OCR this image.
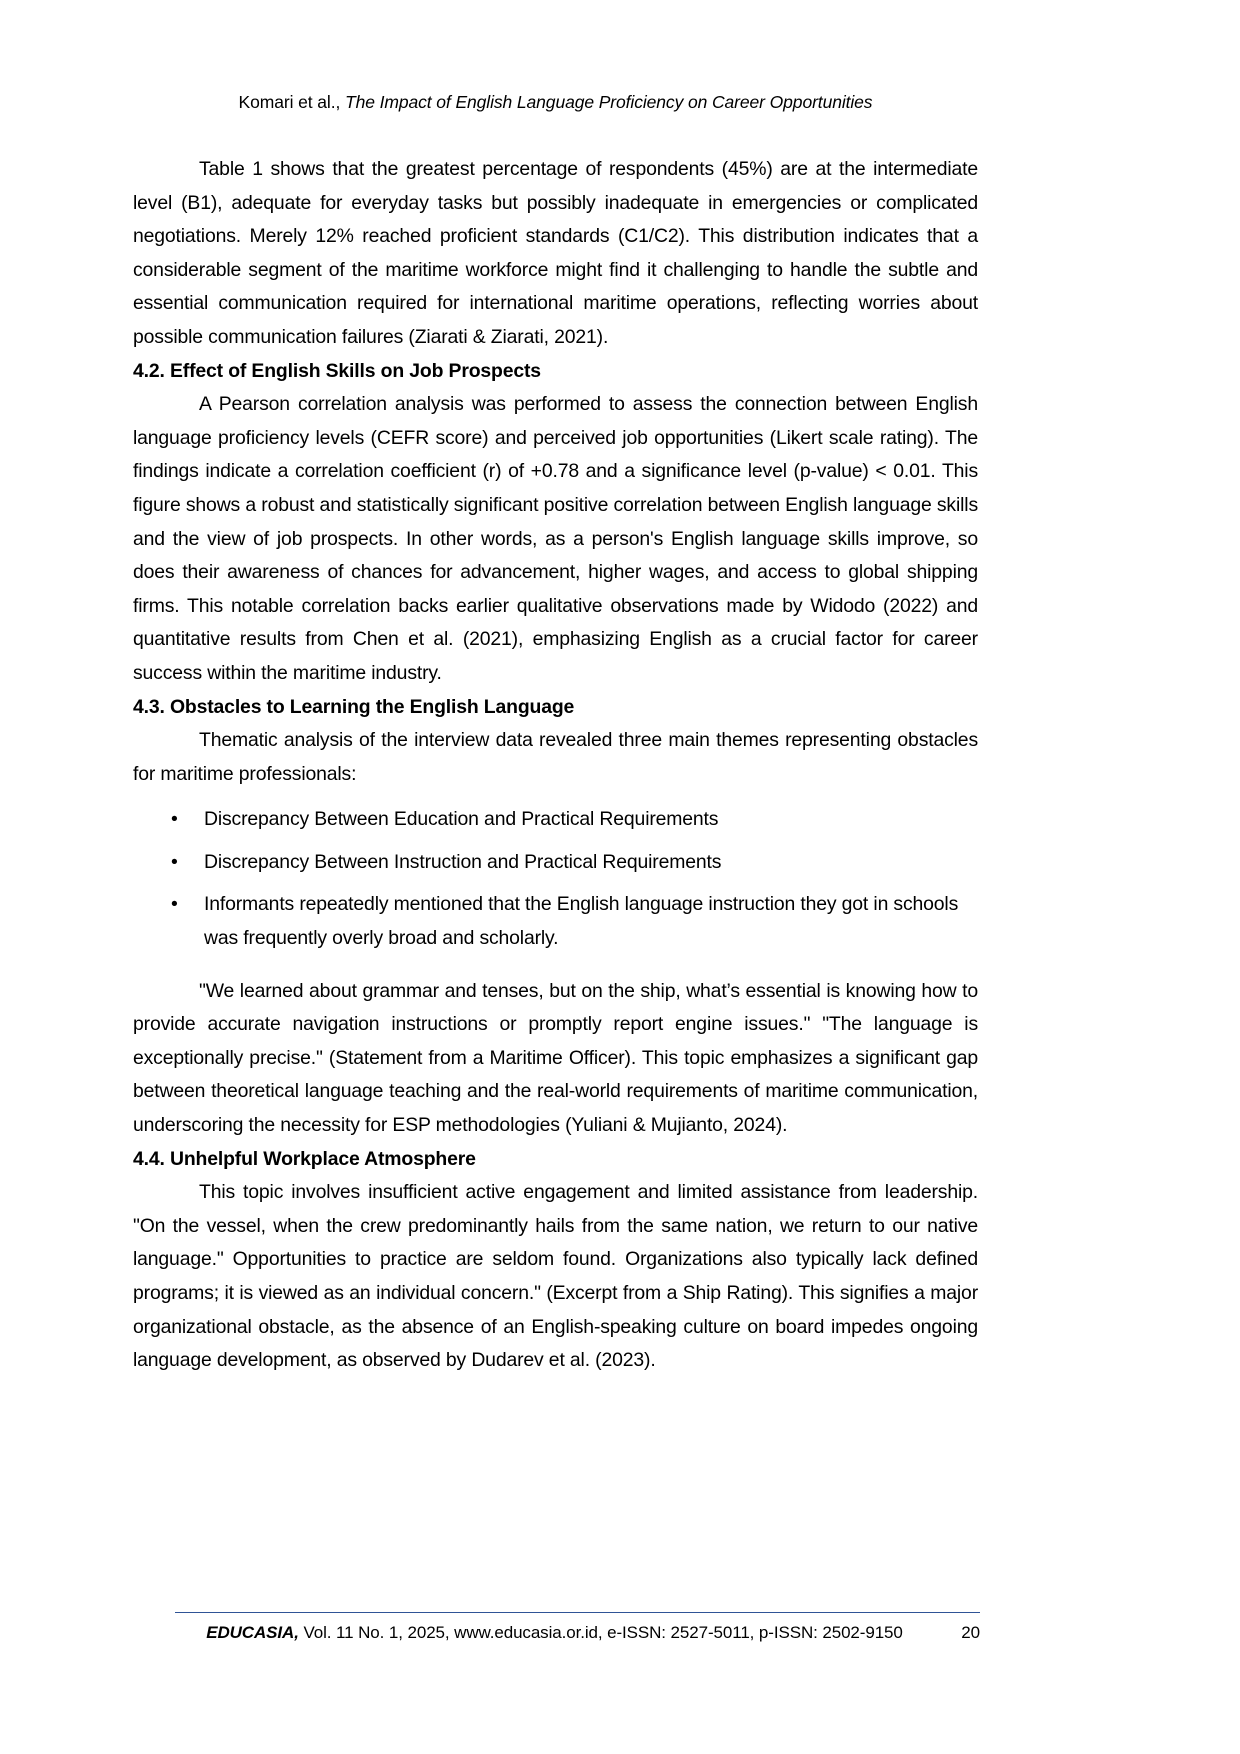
Komari et al., The Impact of English Language Proficiency on Career Opportunities

Table 1 shows that the greatest percentage of respondents (45%) are at the intermediate level (B1), adequate for everyday tasks but possibly inadequate in emergencies or complicated negotiations. Merely 12% reached proficient standards (C1/C2). This distribution indicates that a considerable segment of the maritime workforce might find it challenging to handle the subtle and essential communication required for international maritime operations, reflecting worries about possible communication failures (Ziarati & Ziarati, 2021).

4.2. Effect of English Skills on Job Prospects

A Pearson correlation analysis was performed to assess the connection between English language proficiency levels (CEFR score) and perceived job opportunities (Likert scale rating). The findings indicate a correlation coefficient (r) of +0.78 and a significance level (p-value) < 0.01. This figure shows a robust and statistically significant positive correlation between English language skills and the view of job prospects. In other words, as a person's English language skills improve, so does their awareness of chances for advancement, higher wages, and access to global shipping firms. This notable correlation backs earlier qualitative observations made by Widodo (2022) and quantitative results from Chen et al. (2021), emphasizing English as a crucial factor for career success within the maritime industry.

4.3. Obstacles to Learning the English Language

Thematic analysis of the interview data revealed three main themes representing obstacles for maritime professionals:

• Discrepancy Between Education and Practical Requirements
• Discrepancy Between Instruction and Practical Requirements
• Informants repeatedly mentioned that the English language instruction they got in schools was frequently overly broad and scholarly.

"We learned about grammar and tenses, but on the ship, what’s essential is knowing how to provide accurate navigation instructions or promptly report engine issues." "The language is exceptionally precise." (Statement from a Maritime Officer). This topic emphasizes a significant gap between theoretical language teaching and the real-world requirements of maritime communication, underscoring the necessity for ESP methodologies (Yuliani & Mujianto, 2024).

4.4. Unhelpful Workplace Atmosphere

This topic involves insufficient active engagement and limited assistance from leadership. "On the vessel, when the crew predominantly hails from the same nation, we return to our native language." Opportunities to practice are seldom found. Organizations also typically lack defined programs; it is viewed as an individual concern." (Excerpt from a Ship Rating). This signifies a major organizational obstacle, as the absence of an English-speaking culture on board impedes ongoing language development, as observed by Dudarev et al. (2023).

EDUCASIA, Vol. 11 No. 1, 2025, www.educasia.or.id, e-ISSN: 2527-5011, p-ISSN: 2502-9150	20
